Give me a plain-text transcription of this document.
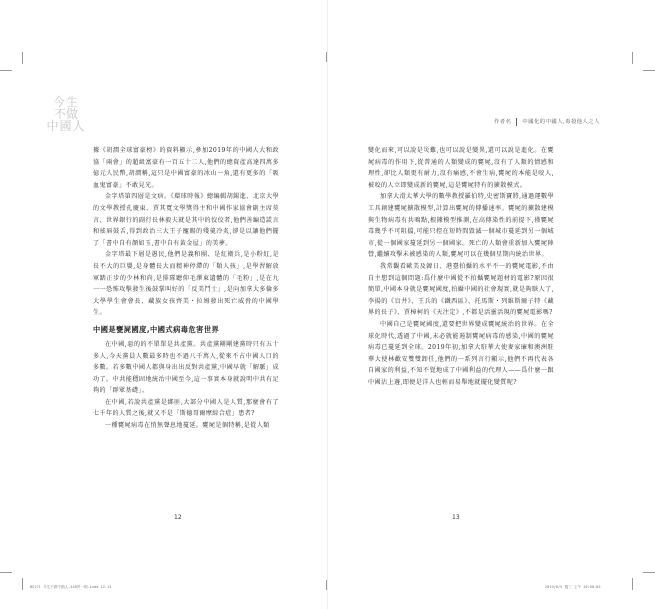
今生
不做
中國人	作者名 中國化的中國人,毒殺他人之人

據《胡潤全球富豪榜》的資料顯示,參加2019年的中國人大和政協「兩會」的超級富豪有一百五十二人,他們的總資產高達四萬多億元人民幣,胡潤稱,這只是中國富豪的冰山一角,還有更多的「吸血鬼富豪」不敢見光。

金字塔第四層是文痞。《環球時報》總編輯胡錫進、北京大學的文學教授孔慶東、賈其寬文學獎得主和中國作家協會副主席莫言、世界銀行的副行長林毅夫就是其中的佼佼者,他們善編造謊言和搖唇鼓舌,得到政治三大王子寵賜的殘羹冷炙,卻是以讓他們擺了「書中自有顏如玉,書中自有黃金屋」的美夢。

金字塔最下層是愚民,他們是義和團、是紅衛兵,是小粉紅,是長不大的巨嬰,是身體長大而精神停滯的「類人孩」,是學習解放軍踏正步的少林和尚,是排隊聽仰毛澤東遺體的「毛粉」,是在九一一恐怖攻擊發生後鼓掌叫好的「反美鬥士」,是向加拿大多倫多大學學生會會長、藏族女孩齊美・拉姆發出死亡威脅的中國學生。

中國是甕屍國度,中國式病毒危害世界

在中國,惡的的不單單是共產黨。共產黨剛剛建黨時只有五十多人,今天黨員人數最多時也不過八千萬人,從來不占中國人口的多數。若多數中國人都與身出出反對共產黨,中國早就「解脈」成功了。中共能穩固地統治中國至今,這一事實本身就說明中共有足夠的「群眾基礎」。

在中國,若說共產黨是綁匪,大部分中國人是人質,那麼會有了七千年的人質之後,就又不是「斯德哥爾摩綜合症」患者?

一種甕屍病毒在悄無聲息地蔓延。甕屍是個特稱,是從人類

變化而來,可以說是災難,也可以說是變異,還可以說是進化。在甕屍病毒的作用下,從普通的人類變成的甕屍,沒有了人類的情感和理性,卻比人類更有耐力,沒有痛感,不會生病,甕屍的本能是咬人,被咬的人立即變成新的甕屍,這是甕屍特有的擴散模式。

加拿大滑太華大學的數學教授羅伯特,史密斯寶將,通過運數學工具創建甕屍擴散模型,計算出甕屍的傳播速率。甕屍的擴散建模與生物病毒有共鳴點,根據模型推測,在高傳染性的前提下,僅甕屍毒幾乎不可阻擋,可能只控在短時間毀滅一個城市蔓延到另一個城市,從一個國家蔓延到另一個國家。死亡的人類會重新加入甕屍陣營,繼續攻擊未被感染的人類,甕屍可以在幾個星期內統治世界。

我常觀看歐美及韓日、港臺拍攝的水平不一的甕屍電影,不由自主想到這個問題:爲什麼中國從不拍攝甕屍題材的電影?原因很簡單,中國本身就是甕屍國度,拍攝中國的社會現實,就是夠駭人了,李揚的《盲井》、王兵的《鐵西區》、托馬斯・列維斯爾子特《藏界的長子》、賈樟柯的《天注定》,不都是活靈活現的甕屍電影嗎?

中國自己是甕屍國度,還要把世界變成甕屍統治的世界。在全球化時代,透過了中國,未必就能遏制甕屍病毒的感染,中國的甕屍病毒已蔓延到全球。2019年初,加拿大駐華大使麥家廉和澳洲駐華大使林歡安雙雙卸任,他們的一系列言行顯示,他們不再代表各自國家的利益,不知不覺地成了中國利益的代理人——爲什麼一跟中國沾上邊,即便是洋人也輕而易舉地就擺化變質呢?

12	13
BS271 今生不做中國人-440頁一刷.indd 12-13	2019/8/5 週三 上午 10:00:05
